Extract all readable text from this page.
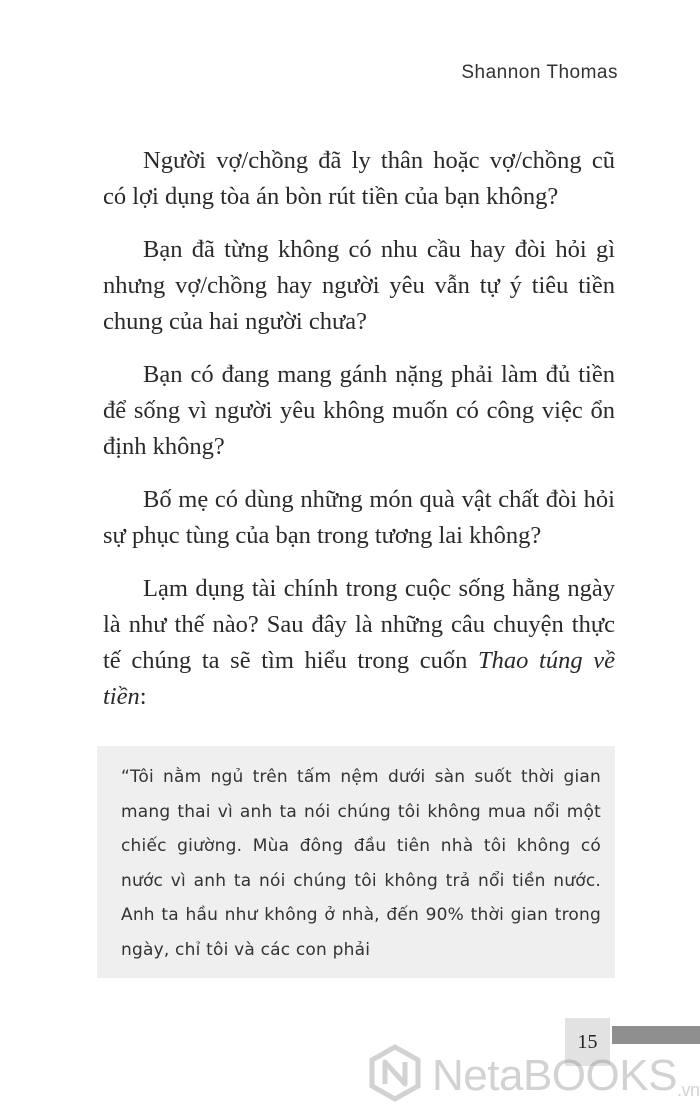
Shannon Thomas

Người vợ/chồng đã ly thân hoặc vợ/chồng cũ có lợi dụng tòa án bòn rút tiền của bạn không?

Bạn đã từng không có nhu cầu hay đòi hỏi gì nhưng vợ/chồng hay người yêu vẫn tự ý tiêu tiền chung của hai người chưa?

Bạn có đang mang gánh nặng phải làm đủ tiền để sống vì người yêu không muốn có công việc ổn định không?

Bố mẹ có dùng những món quà vật chất đòi hỏi sự phục tùng của bạn trong tương lai không?

Lạm dụng tài chính trong cuộc sống hằng ngày là như thế nào? Sau đây là những câu chuyện thực tế chúng ta sẽ tìm hiểu trong cuốn Thao túng về tiền:

“Tôi nằm ngủ trên tấm nệm dưới sàn suốt thời gian mang thai vì anh ta nói chúng tôi không mua nổi một chiếc giường. Mùa đông đầu tiên nhà tôi không có nước vì anh ta nói chúng tôi không trả nổi tiền nước. Anh ta hầu như không ở nhà, đến 90% thời gian trong ngày, chỉ tôi và các con phải

15
NetaBOOKS.vn
